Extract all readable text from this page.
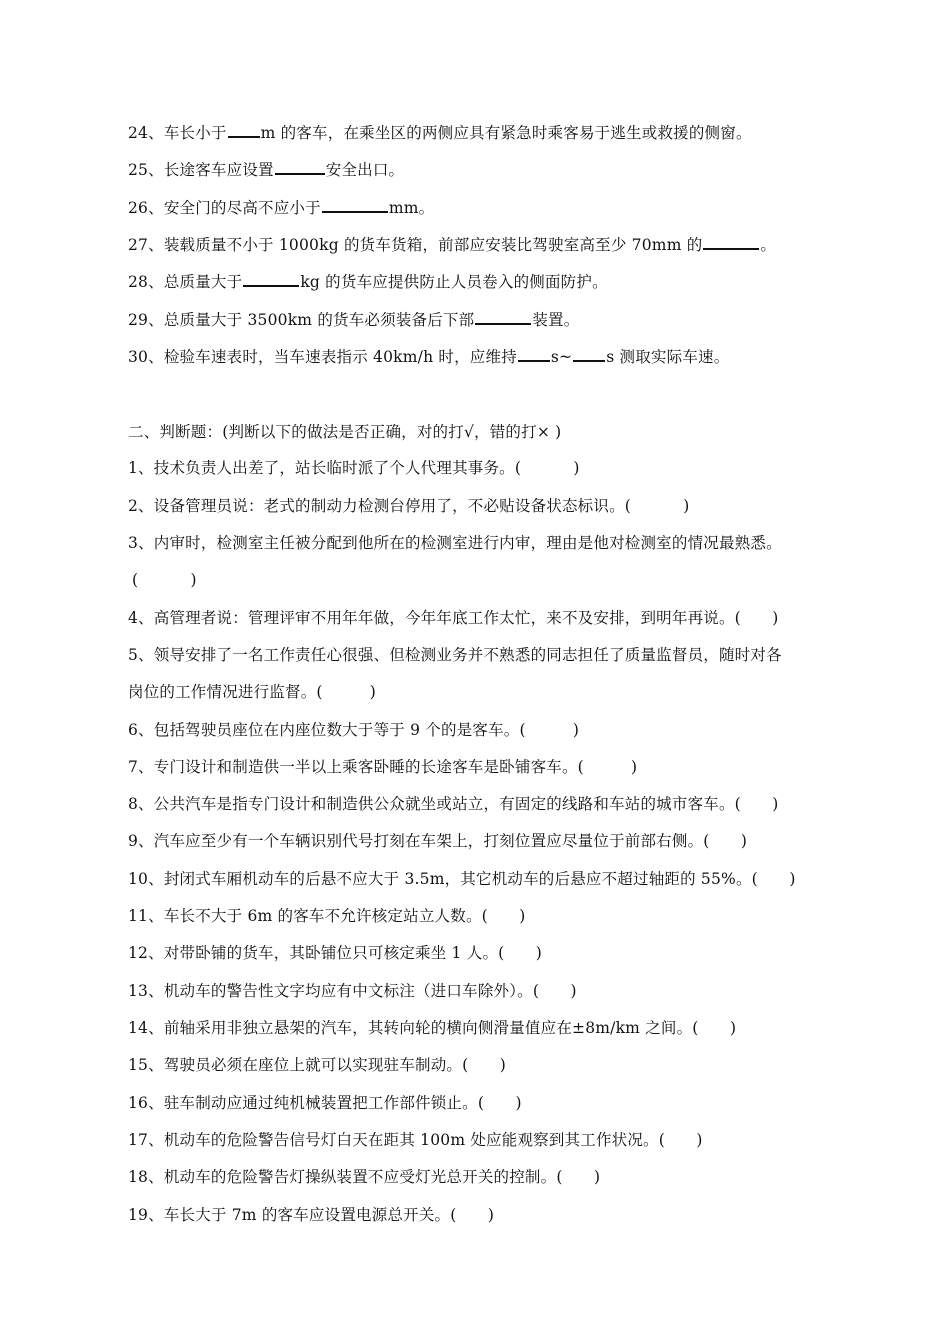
24、车长小于 m 的客车，在乘坐区的两侧应具有紧急时乘客易于逃生或救援的侧窗。
25、长途客车应设置	安全出口。
26、安全门的尽高不应小于	mm。
27、装载质量不小于 1000kg 的货车货箱，前部应安装比驾驶室高至少 70mm 的	。
28、总质量大于	kg 的货车应提供防止人员卷入的侧面防护。
29、总质量大于 3500km 的货车必须装备后下部	装置。
30、检验车速表时，当车速表指示 40km/h 时，应维持 s~ s 测取实际车速。
二、判断题：(判断以下的做法是否正确，对的打√，错的打× )
1、技术负责人出差了，站长临时派了个人代理其事务。(　　　 )
2、设备管理员说：老式的制动力检测台停用了，不必贴设备状态标识。(　　　 )
3、内审时，检测室主任被分配到他所在的检测室进行内审，理由是他对检测室的情况最熟悉。
(　　　 )
4、高管理者说：管理评审不用年年做，今年年底工作太忙，来不及安排，到明年再说。(　　)
5、领导安排了一名工作责任心很强、但检测业务并不熟悉的同志担任了质量监督员，随时对各
岗位的工作情况进行监督。(　　　)
6、包括驾驶员座位在内座位数大于等于 9 个的是客车。(　　　)
7、专门设计和制造供一半以上乘客卧睡的长途客车是卧铺客车。(　　　)
8、公共汽车是指专门设计和制造供公众就坐或站立，有固定的线路和车站的城市客车。(　　)
9、汽车应至少有一个车辆识别代号打刻在车架上，打刻位置应尽量位于前部右侧。(　　)
10、封闭式车厢机动车的后悬不应大于 3.5m，其它机动车的后悬应不超过轴距的 55%。(　　)
11、车长不大于 6m 的客车不允许核定站立人数。(　　)
12、对带卧铺的货车，其卧铺位只可核定乘坐 1 人。(　　)
13、机动车的警告性文字均应有中文标注（进口车除外）。(　　)
14、前轴采用非独立悬架的汽车，其转向轮的横向侧滑量值应在±8m/km 之间。(　　)
15、驾驶员必须在座位上就可以实现驻车制动。(　　)
16、驻车制动应通过纯机械装置把工作部件锁止。(　　)
17、机动车的危险警告信号灯白天在距其 100m 处应能观察到其工作状况。(　　)
18、机动车的危险警告灯操纵装置不应受灯光总开关的控制。(　　)
19、车长大于 7m 的客车应设置电源总开关。(　　)
